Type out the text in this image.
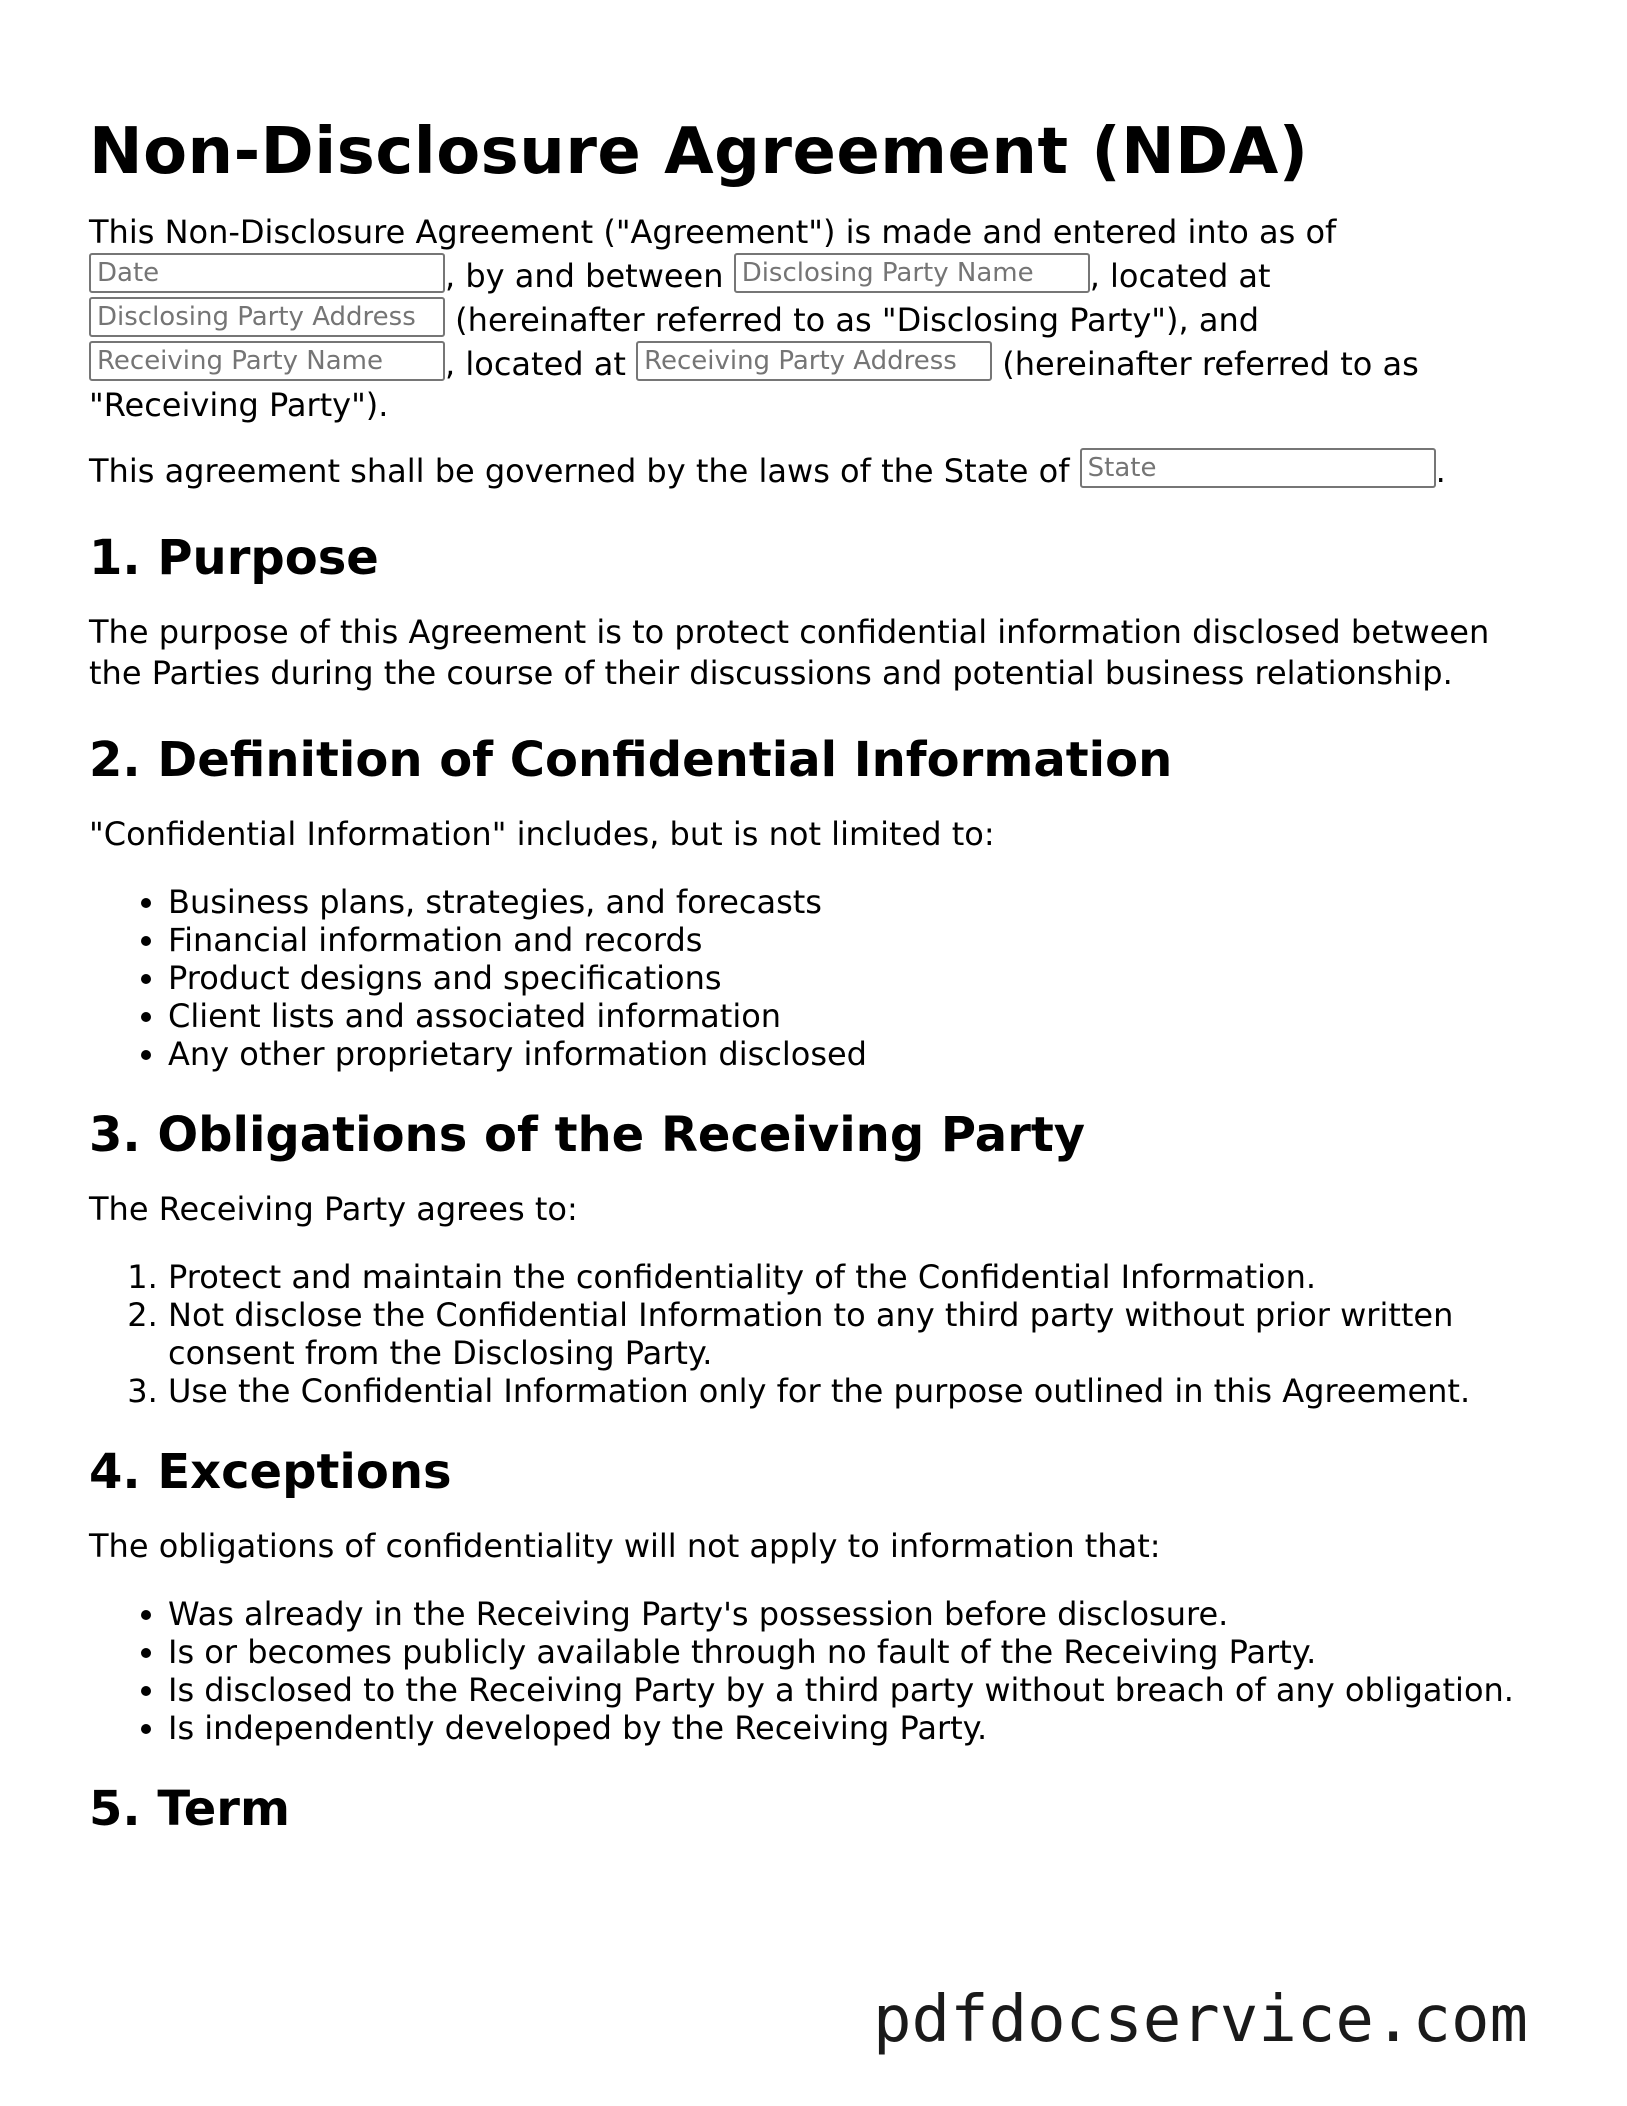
Non-Disclosure Agreement (NDA)

This Non-Disclosure Agreement ("Agreement") is made and entered into as of
Date	, by and between Disclosing Party Name , located at
Disclosing Party Address (hereinafter referred to as "Disclosing Party"), and
Receiving Party Name , located at Receiving Party Address (hereinafter referred to as "Receiving Party").

This agreement shall be governed by the laws of the State of State	.

1. Purpose

The purpose of this Agreement is to protect confidential information disclosed between the Parties during the course of their discussions and potential business relationship.

2. Definition of Confidential Information

"Confidential Information" includes, but is not limited to:

• Business plans, strategies, and forecasts
• Financial information and records
• Product designs and specifications
• Client lists and associated information
• Any other proprietary information disclosed
3. Obligations of the Receiving Party

The Receiving Party agrees to:

1. Protect and maintain the confidentiality of the Confidential Information.
2. Not disclose the Confidential Information to any third party without prior written consent from the Disclosing Party.
3. Use the Confidential Information only for the purpose outlined in this Agreement.
4. Exceptions

The obligations of confidentiality will not apply to information that:

• Was already in the Receiving Party's possession before disclosure.
• Is or becomes publicly available through no fault of the Receiving Party.
• Is disclosed to the Receiving Party by a third party without breach of any obligation.
• Is independently developed by the Receiving Party.
5. Term
pdfdocservice.com
